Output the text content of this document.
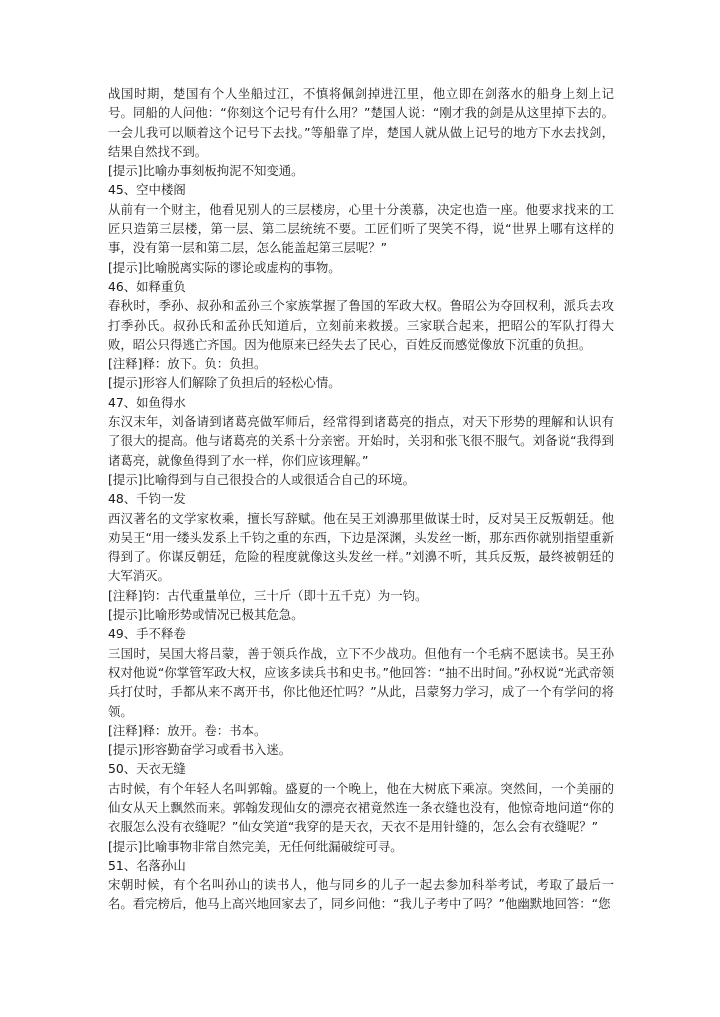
战国时期，楚国有个人坐船过江，不慎将佩剑掉进江里，他立即在剑落水的船身上刻上记号。同船的人问他：“你刻这个记号有什么用？”楚国人说：“刚才我的剑是从这里掉下去的。一会儿我可以顺着这个记号下去找。”等船靠了岸，楚国人就从做上记号的地方下水去找剑，结果自然找不到。

[提示]比喻办事刻板拘泥不知变通。

45、空中楼阁

从前有一个财主，他看见别人的三层楼房，心里十分羡慕，决定也造一座。他要求找来的工匠只造第三层楼，第一层、第二层统统不要。工匠们听了哭笑不得，说“世界上哪有这样的事，没有第一层和第二层，怎么能盖起第三层呢？”

[提示]比喻脱离实际的谬论或虚构的事物。

46、如释重负

春秋时，季孙、叔孙和孟孙三个家族掌握了鲁国的军政大权。鲁昭公为夺回权利，派兵去攻打季孙氏。叔孙氏和孟孙氏知道后，立刻前来救援。三家联合起来，把昭公的军队打得大败，昭公只得逃亡齐国。因为他原来已经失去了民心，百姓反而感觉像放下沉重的负担。

[注释]释：放下。负：负担。

[提示]形容人们解除了负担后的轻松心情。

47、如鱼得水

东汉末年，刘备请到诸葛亮做军师后，经常得到诸葛亮的指点，对天下形势的理解和认识有了很大的提高。他与诸葛亮的关系十分亲密。开始时，关羽和张飞很不服气。刘备说“我得到诸葛亮，就像鱼得到了水一样，你们应该理解。”

[提示]比喻得到与自己很投合的人或很适合自己的环境。

48、千钧一发

西汉著名的文学家枚乘，擅长写辞赋。他在吴王刘濞那里做谋士时，反对吴王反叛朝廷。他劝吴王“用一缕头发系上千钧之重的东西，下边是深渊，头发丝一断，那东西你就别指望重新得到了。你谋反朝廷，危险的程度就像这头发丝一样。”刘濞不听，其兵反叛，最终被朝廷的大军消灭。

[注释]钧：古代重量单位，三十斤（即十五千克）为一钧。

[提示]比喻形势或情况已极其危急。

49、手不释卷

三国时，吴国大将吕蒙，善于领兵作战，立下不少战功。但他有一个毛病不愿读书。吴王孙权对他说“你掌管军政大权，应该多读兵书和史书。”他回答：“抽不出时间。”孙权说“光武帝领兵打仗时，手都从来不离开书，你比他还忙吗？”从此，吕蒙努力学习，成了一个有学问的将领。

[注释]释：放开。卷：书本。

[提示]形容勤奋学习或看书入迷。

50、天衣无缝

古时候，有个年轻人名叫郭翰。盛夏的一个晚上，他在大树底下乘凉。突然间，一个美丽的仙女从天上飘然而来。郭翰发现仙女的漂亮衣裙竟然连一条衣缝也没有，他惊奇地问道“你的衣服怎么没有衣缝呢？”仙女笑道“我穿的是天衣，天衣不是用针缝的，怎么会有衣缝呢？”

[提示]比喻事物非常自然完美，无任何纰漏破绽可寻。

51、名落孙山

宋朝时候，有个名叫孙山的读书人，他与同乡的儿子一起去参加科举考试，考取了最后一名。看完榜后，他马上高兴地回家去了，同乡问他：“我儿子考中了吗？”他幽默地回答：“您
